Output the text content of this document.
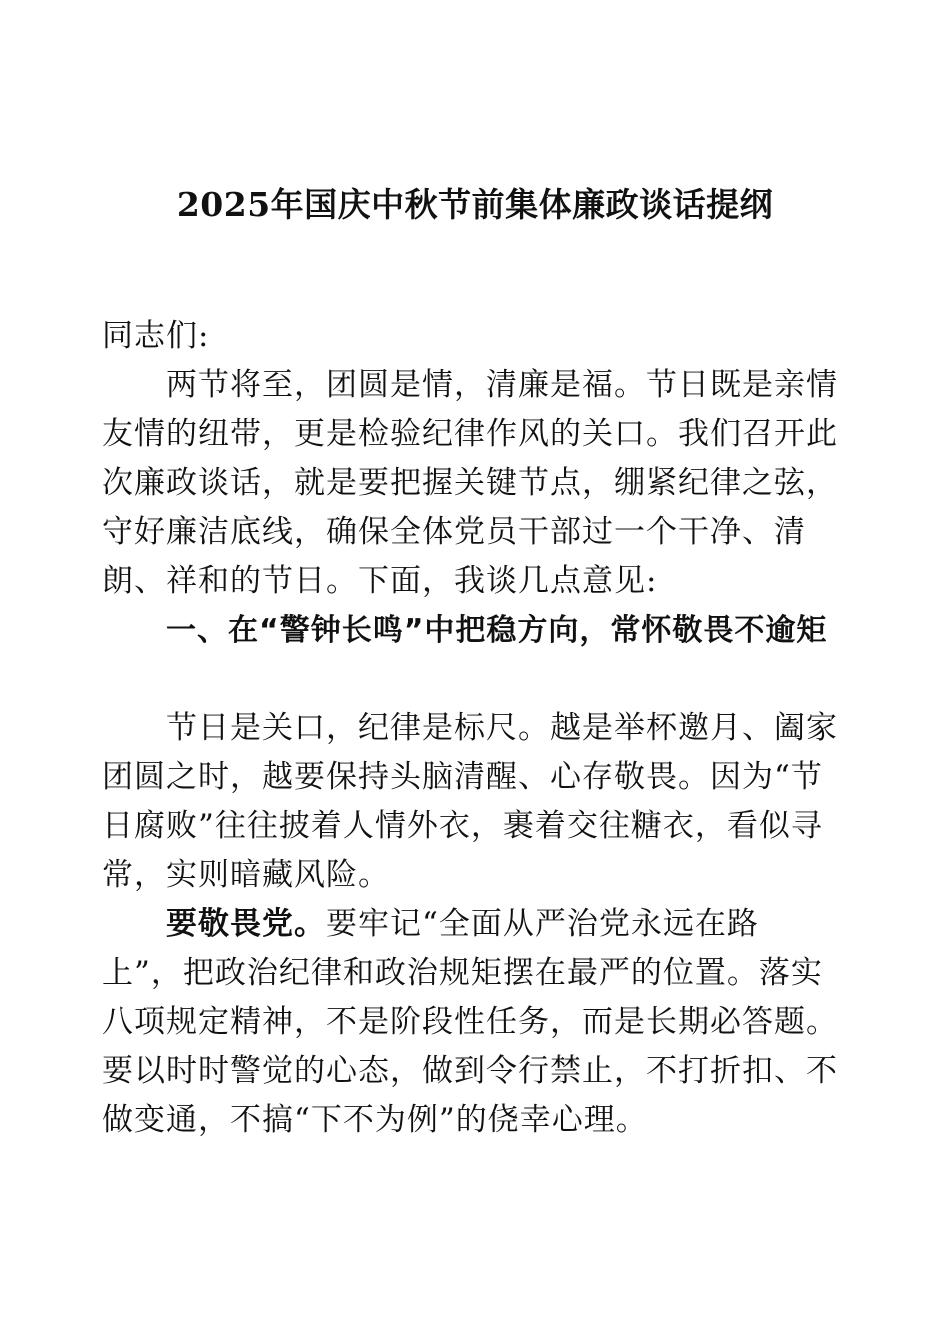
2025年国庆中秋节前集体廉政谈话提纲

同志们:

两节将至，团圆是情，清廉是福。节日既是亲情友情的纽带，更是检验纪律作风的关口。我们召开此次廉政谈话，就是要把握关键节点，绷紧纪律之弦，守好廉洁底线，确保全体党员干部过一个干净、清朗、祥和的节日。下面，我谈几点意见:

一、在“警钟长鸣”中把稳方向，常怀敬畏不逾矩

节日是关口，纪律是标尺。越是举杯邀月、阖家团圆之时，越要保持头脑清醒、心存敬畏。因为“节日腐败”往往披着人情外衣，裹着交往糖衣，看似寻常，实则暗藏风险。

要敬畏党。要牢记“全面从严治党永远在路上”，把政治纪律和政治规矩摆在最严的位置。落实八项规定精神，不是阶段性任务，而是长期必答题。要以时时警觉的心态，做到令行禁止，不打折扣、不做变通，不搞“下不为例”的侥幸心理。
